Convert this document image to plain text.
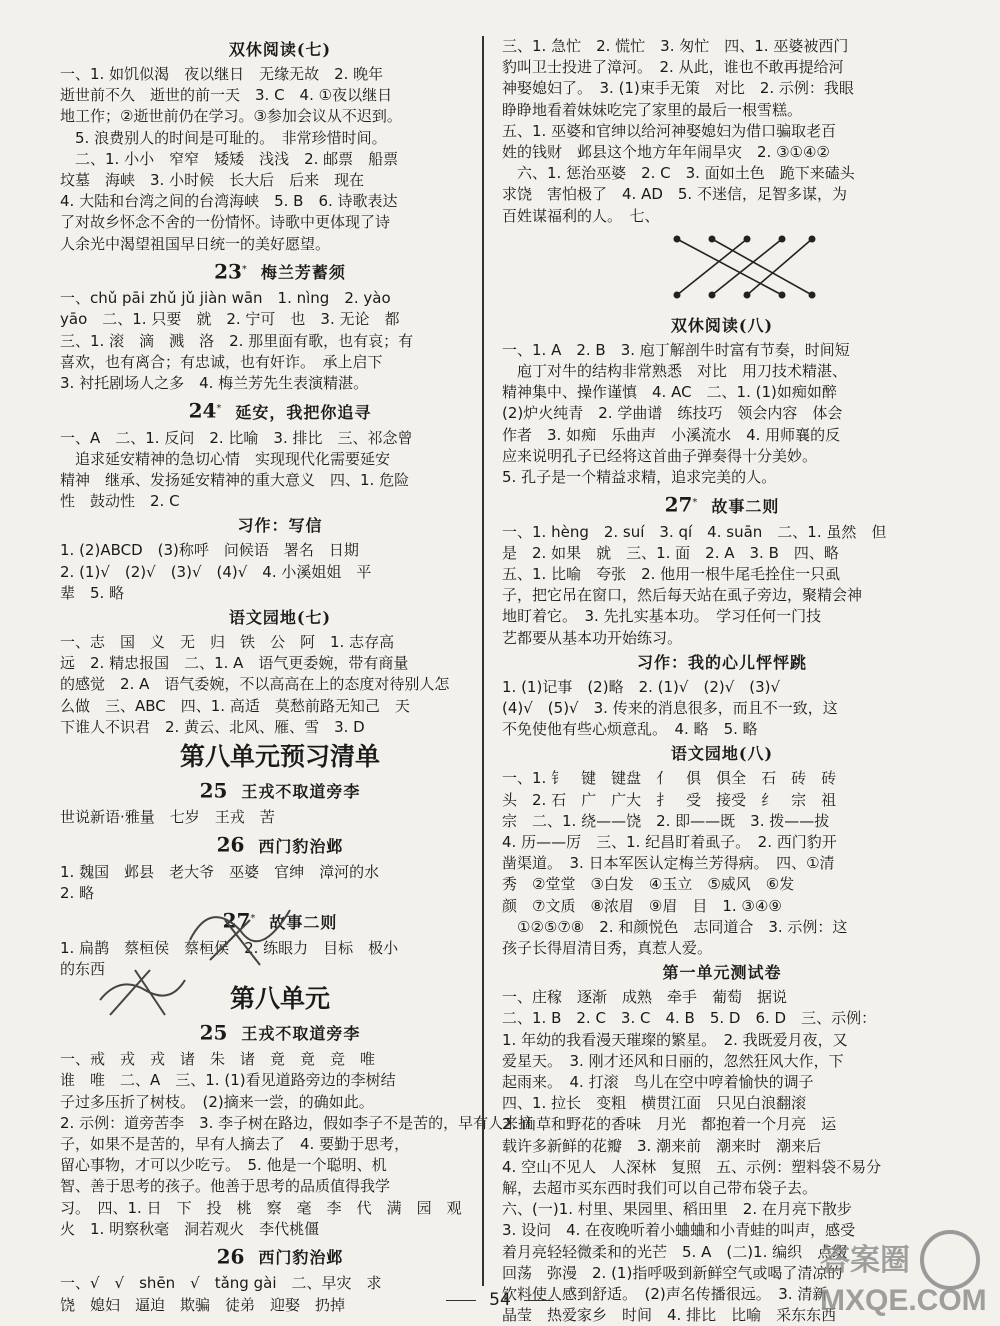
双休阅读(七)
一、1. 如饥似渴　夜以继日　无缘无故　2. 晚年
逝世前不久　逝世的前一天　3. C　4. ①夜以继日
地工作；②逝世前仍在学习。③参加会议从不迟到。
　5. 浪费别人的时间是可耻的。　非常珍惜时间。
　二、1. 小小　窄窄　矮矮　浅浅　2. 邮票　船票
坟墓　海峡　3. 小时候　长大后　后来　现在
4. 大陆和台湾之间的台湾海峡　5. B　6. 诗歌表达
了对故乡怀念不舍的一份情怀。诗歌中更体现了诗
人余光中渴望祖国早日统一的美好愿望。
23* 梅兰芳蓄须
一、chǔ pāi zhǔ jǔ jiàn wān　1. nìng　2. yào
yāo　二、1. 只要　就　2. 宁可　也　3. 无论　都
三、1. 滚　滴　溅　洛　2. 那里面有歌，也有哀；有
喜欢，也有离合；有忠诚，也有奸诈。　承上启下
3. 衬托剧场人之多　4. 梅兰芳先生表演精湛。
24* 延安，我把你追寻
一、A　二、1. 反问　2. 比喻　3. 排比　三、祁念曾
　追求延安精神的急切心情　实现现代化需要延安
精神　继承、发扬延安精神的重大意义　四、1. 危险
性　鼓动性　2. C
习作：写信
1. (2)ABCD　(3)称呼　问候语　署名　日期
2. (1)√　(2)√　(3)√　(4)√　4. 小溪姐姐　平
辈　5. 略
语文园地(七)
一、志　国　义　无　归　铁　公　阿　1. 志存高
远　2. 精忠报国　二、1. A　语气更委婉，带有商量
的感觉　2. A　语气委婉，不以高高在上的态度对待别人怎
么做　三、ABC　四、1. 高适　莫愁前路无知己　天
下谁人不识君　2. 黄云、北风、雁、雪　3. D
第八单元预习清单
25 王戎不取道旁李
世说新语·雅量　七岁　王戎　苦
26 西门豹治邺
1. 魏国　邺县　老大爷　巫婆　官绅　漳河的水
2. 略
27* 故事二则
1. 扁鹊　蔡桓侯　蔡桓侯　2. 练眼力　目标　极小
的东西
第八单元
25 王戎不取道旁李
一、戒　戎　戎　诸　朱　诸　竟　竟　竞　唯
谁　唯　二、A　三、1. (1)看见道路旁边的李树结
子过多压折了树枝。　(2)摘来一尝，的确如此。
2. 示例：道旁苦李　3. 李子树在路边，假如李子不是苦的，早有人来摘
子，如果不是苦的，早有人摘去了　4. 要勤于思考，
留心事物，才可以少吃亏。　5. 他是一个聪明、机
智、善于思考的孩子。他善于思考的品质值得我学
习。　四、1. 日　下　投　桃　察　毫　李　代　满　园　观
火　1. 明察秋毫　洞若观火　李代桃僵
26 西门豹治邺
一、√　√　shēn　√　tǎng gài　二、早灾　求
饶　媳妇　逼迫　欺骗　徒弟　迎娶　扔掉
三、1. 急忙　2. 慌忙　3. 匆忙　四、1. 巫婆被西门
豹叫卫士投进了漳河。　2. 从此，谁也不敢再提给河
神娶媳妇了。　3. (1)束手无策　对比　2. 示例：我眼
睁睁地看着妹妹吃完了家里的最后一根雪糕。
五、1. 巫婆和官绅以给河神娶媳妇为借口骗取老百
姓的钱财　邺县这个地方年年闹旱灾　2. ③①④②
　六、1. 惩治巫婆　2. C　3. 面如土色　跪下来磕头
求饶　害怕极了　4. AD　5. 不迷信，足智多谋，为
百姓谋福利的人。　七、
双休阅读(八)
一、1. A　2. B　3. 庖丁解剖牛时富有节奏，时间短
　庖丁对牛的结构非常熟悉　对比　用刀技术精湛、
精神集中、操作谨慎　4. AC　二、1. (1)如痴如醉
(2)炉火纯青　2. 学曲谱　练技巧　领会内容　体会
作者　3. 如痴　乐曲声　小溪流水　4. 用师襄的反
应来说明孔子已经将这首曲子弹奏得十分美妙。
5. 孔子是一个精益求精，追求完美的人。
27* 故事二则
一、1. hèng　2. suí　3. qí　4. suān　二、1. 虽然　但
是　2. 如果　就　三、1. 面　2. A　3. B　四、略
五、1. 比喻　夸张　2. 他用一根牛尾毛拴住一只虱
子，把它吊在窗口，然后每天站在虱子旁边，聚精会神
地盯着它。　3. 先扎实基本功。　学习任何一门技
艺都要从基本功开始练习。
习作：我的心儿怦怦跳
1. (1)记事　(2)略　2. (1)√　(2)√　(3)√
(4)√　(5)√　3. 传来的消息很多，而且不一致，这
不免使他有些心烦意乱。　4. 略　5. 略
语文园地(八)
一、1. 钅　键　键盘　亻　俱　俱全　石　砖　砖
头　2. 石　广　广大　扌　受　接受　纟　宗　祖
宗　二、1. 绕——饶　2. 即——既　3. 拨——拔
4. 历——厉　三、1. 纪昌盯着虱子。　2. 西门豹开
凿渠道。　3. 日本军医认定梅兰芳得病。　四、①清
秀　②堂堂　③白发　④玉立　⑤威风　⑥发
颜　⑦文质　⑧浓眉　⑨眉　目　1. ③④⑨
　①②⑤⑦⑧　2. 和颜悦色　志同道合　3. 示例：这
孩子长得眉清目秀，真惹人爱。
第一单元测试卷
一、庄稼　逐渐　成熟　牵手　葡萄　据说
二、1. B　2. C　3. C　4. B　5. D　6. D　三、示例：
1. 年幼的我看漫天璀璨的繁星。　2. 我既爱月夜，又
爱星天。　3. 刚才还风和日丽的，忽然狂风大作，下
起雨来。　4. 打滚　鸟儿在空中哼着愉快的调子
四、1. 拉长　变粗　横贯江面　只见白浪翻滚
2. 山草和野花的香味　月光　都抱着一个月亮　运
载许多新鲜的花瓣　3. 潮来前　潮来时　潮来后
4. 空山不见人　人深林　复照　五、示例：塑料袋不易分
解，去超市买东西时我们可以自己带布袋子去。
六、(一)1. 村里、果园里、稻田里　2. 在月亮下散步
3. 设问　4. 在夜晚听着小蛐蛐和小青蛙的叫声，感受
着月亮轻轻微柔和的光芒　5. A　(二)1. 编织　点缀
回荡　弥漫　2. (1)指呼吸到新鲜空气或喝了清凉的
饮料使人感到舒适。　(2)声名传播很远。　3. 清新
晶莹　热爱家乡　时间　4. 排比　比喻　采东东西
54
答案圈
MXQE.COM
